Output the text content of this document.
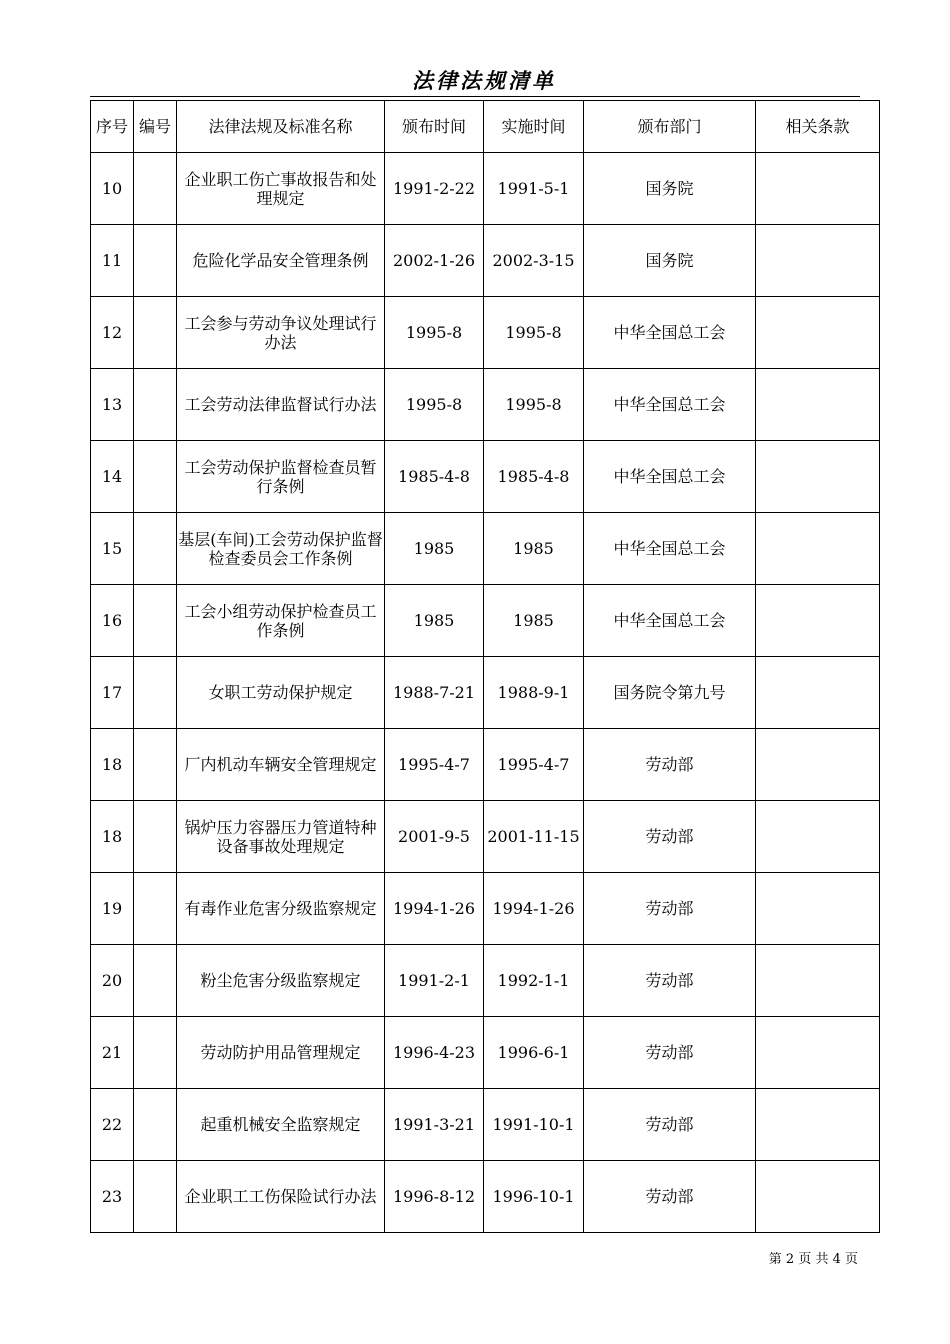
法律法规清单
序号	编号	法律法规及标准名称	颁布时间	实施时间	颁布部门	相关条款
10		企业职工伤亡事故报告和处理规定	1991-2-22	1991-5-1	国务院	
11		危险化学品安全管理条例	2002-1-26	2002-3-15	国务院	
12		工会参与劳动争议处理试行办法	1995-8	1995-8	中华全国总工会	
13		工会劳动法律监督试行办法	1995-8	1995-8	中华全国总工会	
14		工会劳动保护监督检查员暂行条例	1985-4-8	1985-4-8	中华全国总工会	
15		基层(车间)工会劳动保护监督检查委员会工作条例	1985	1985	中华全国总工会	
16		工会小组劳动保护检查员工作条例	1985	1985	中华全国总工会	
17		女职工劳动保护规定	1988-7-21	1988-9-1	国务院令第九号	
18		厂内机动车辆安全管理规定	1995-4-7	1995-4-7	劳动部	
18		锅炉压力容器压力管道特种设备事故处理规定	2001-9-5	2001-11-15	劳动部	
19		有毒作业危害分级监察规定	1994-1-26	1994-1-26	劳动部	
20		粉尘危害分级监察规定	1991-2-1	1992-1-1	劳动部	
21		劳动防护用品管理规定	1996-4-23	1996-6-1	劳动部	
22		起重机械安全监察规定	1991-3-21	1991-10-1	劳动部	
23		企业职工工伤保险试行办法	1996-8-12	1996-10-1	劳动部	
第 2 页 共 4 页
